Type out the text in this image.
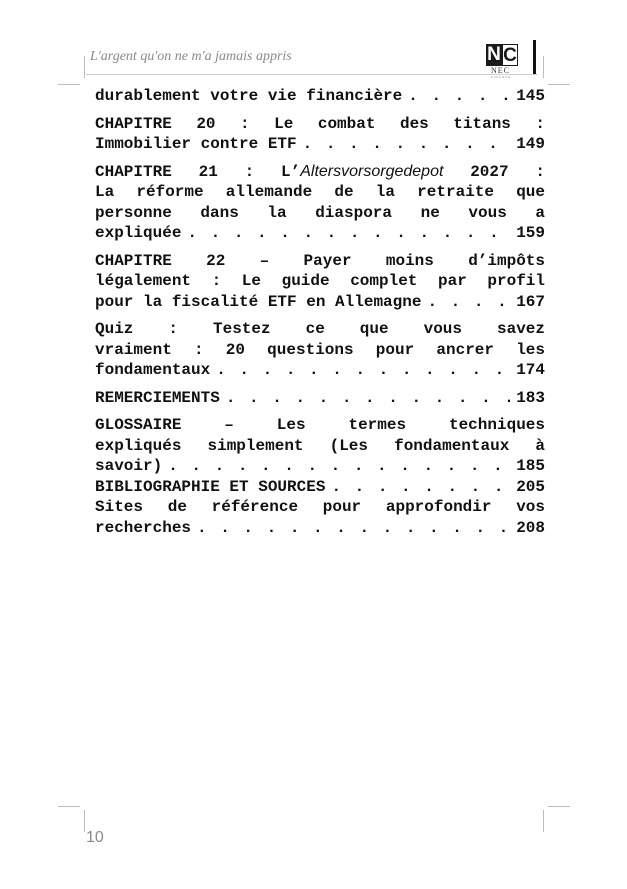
L'argent qu'on ne m'a jamais appris	N C
NEC
FINANCE
durablement votre vie financière . . .	145
CHAPITRE 20 : Le combat des titans :
Immobilier contre ETF . . .	149
CHAPITRE 21 : L’Altersvorsorgedepot 2027 :
La réforme allemande de la retraite que
personne dans la diaspora ne vous a
expliquée . . .	159
CHAPITRE 22 – Payer moins d’impôts
légalement : Le guide complet par profil
pour la fiscalité ETF en Allemagne . . .	167
Quiz : Testez ce que vous savez
vraiment : 20 questions pour ancrer les
fondamentaux . . .	174
REMERCIEMENTS . . .	183
GLOSSAIRE – Les termes techniques
expliqués simplement (Les fondamentaux à
savoir) . . .	185
BIBLIOGRAPHIE ET SOURCES . . .	205
Sites de référence pour approfondir vos
recherches . . .	208
10
